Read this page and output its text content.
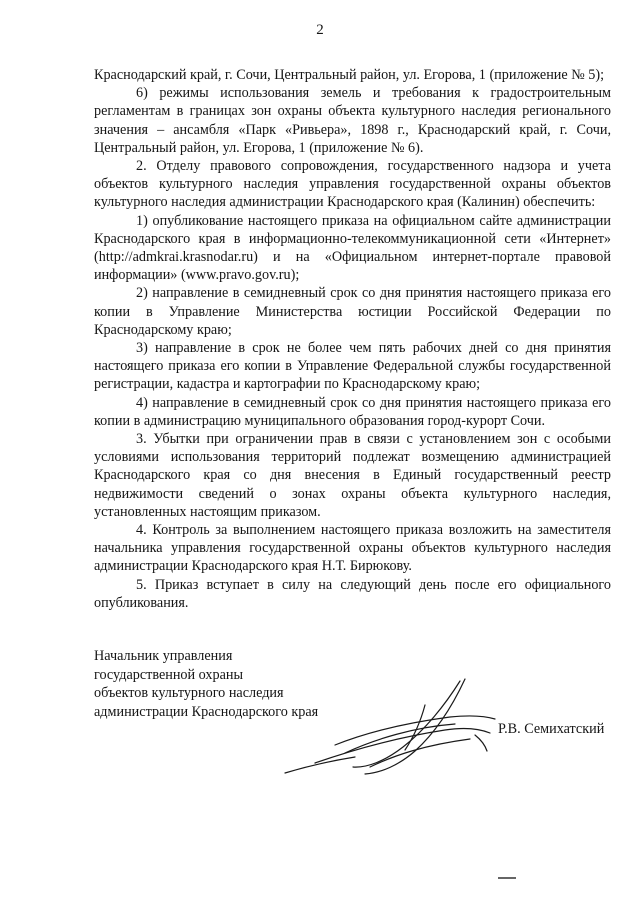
2

Краснодарский край, г. Сочи, Центральный район, ул. Егорова, 1 (приложение № 5);

6) режимы использования земель и требования к градостроительным регламентам в границах зон охраны объекта культурного наследия регионального значения – ансамбля «Парк «Ривьера», 1898 г., Краснодарский край, г. Сочи, Центральный район, ул. Егорова, 1 (приложение № 6).

2. Отделу правового сопровождения, государственного надзора и учета объектов культурного наследия управления государственной охраны объектов культурного наследия администрации Краснодарского края (Калинин) обеспечить:

1) опубликование настоящего приказа на официальном сайте администрации Краснодарского края в информационно-телекоммуникационной сети «Интернет» (http://admkrai.krasnodar.ru) и на «Официальном интернет-портале правовой информации» (www.pravo.gov.ru);

2) направление в семидневный срок со дня принятия настоящего приказа его копии в Управление Министерства юстиции Российской Федерации по Краснодарскому краю;

3) направление в срок не более чем пять рабочих дней со дня принятия настоящего приказа его копии в Управление Федеральной службы государственной регистрации, кадастра и картографии по Краснодарскому краю;

4) направление в семидневный срок со дня принятия настоящего приказа его копии в администрацию муниципального образования город-курорт Сочи.

3. Убытки при ограничении прав в связи с установлением зон с особыми условиями использования территорий подлежат возмещению администрацией Краснодарского края со дня внесения в Единый государственный реестр недвижимости сведений о зонах охраны объекта культурного наследия, установленных настоящим приказом.

4. Контроль за выполнением настоящего приказа возложить на заместителя начальника управления государственной охраны объектов культурного наследия администрации Краснодарского края Н.Т. Бирюкову.

5. Приказ вступает в силу на следующий день после его официального опубликования.

Начальник управления
государственной охраны
объектов культурного наследия
администрации Краснодарского края
Р.В. Семихатский
